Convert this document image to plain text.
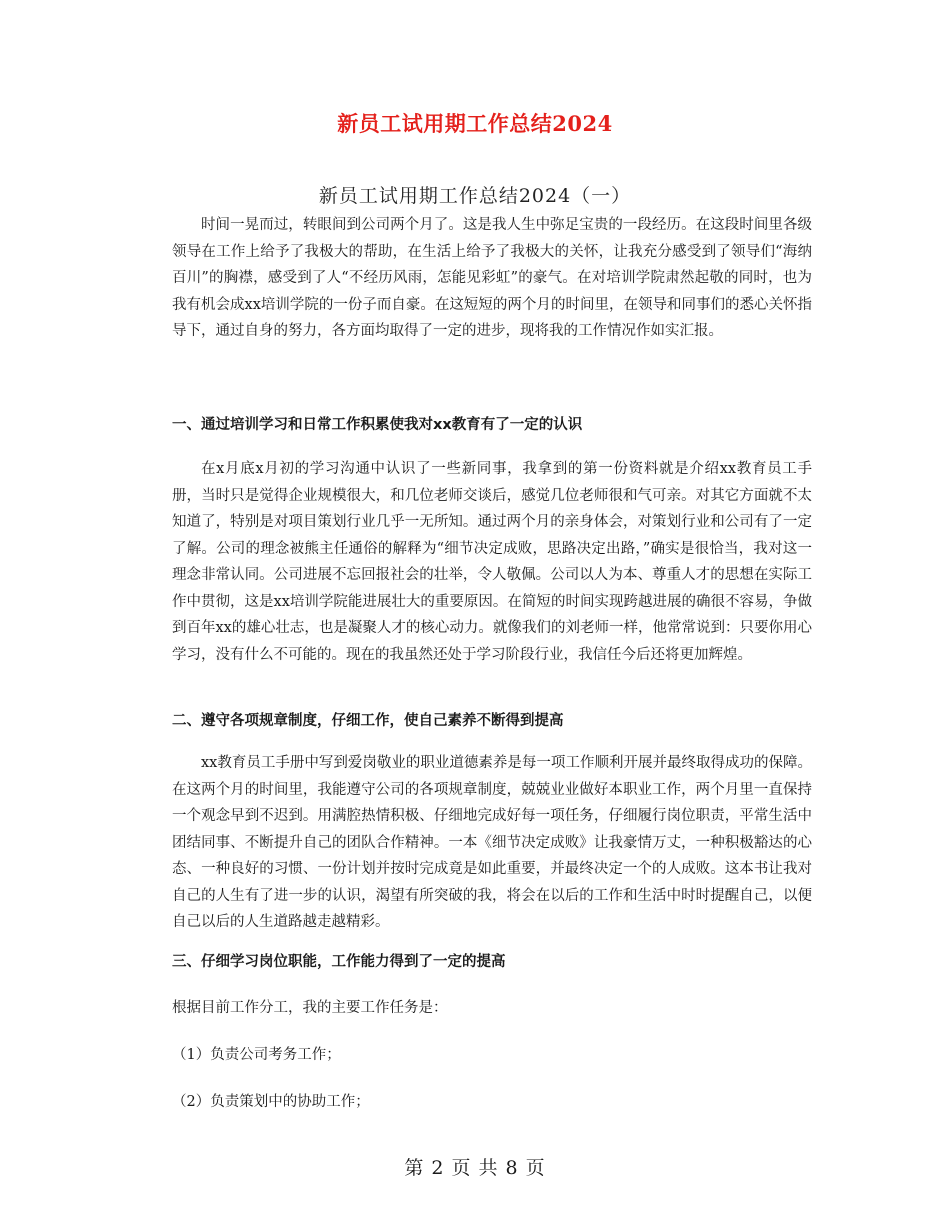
新员工试用期工作总结2024
新员工试用期工作总结2024（一）
时间一晃而过，转眼间到公司两个月了。这是我人生中弥足宝贵的一段经历。在这段时间里各级领导在工作上给予了我极大的帮助，在生活上给予了我极大的关怀，让我充分感受到了领导们“海纳百川”的胸襟，感受到了人“不经历风雨，怎能见彩虹”的豪气。在对培训学院肃然起敬的同时，也为我有机会成xx培训学院的一份子而自豪。在这短短的两个月的时间里，在领导和同事们的悉心关怀指导下，通过自身的努力，各方面均取得了一定的进步，现将我的工作情况作如实汇报。
一、通过培训学习和日常工作积累使我对xx教育有了一定的认识
在x月底x月初的学习沟通中认识了一些新同事，我拿到的第一份资料就是介绍xx教育员工手册，当时只是觉得企业规模很大，和几位老师交谈后，感觉几位老师很和气可亲。对其它方面就不太知道了，特别是对项目策划行业几乎一无所知。通过两个月的亲身体会，对策划行业和公司有了一定了解。公司的理念被熊主任通俗的解释为“细节决定成败，思路决定出路，”确实是很恰当，我对这一理念非常认同。公司进展不忘回报社会的壮举，令人敬佩。公司以人为本、尊重人才的思想在实际工作中贯彻，这是xx培训学院能进展壮大的重要原因。在简短的时间实现跨越进展的确很不容易，争做到百年xx的雄心壮志，也是凝聚人才的核心动力。就像我们的刘老师一样，他常常说到：只要你用心学习，没有什么不可能的。现在的我虽然还处于学习阶段行业，我信任今后还将更加辉煌。
二、遵守各项规章制度，仔细工作，使自己素养不断得到提高
xx教育员工手册中写到爱岗敬业的职业道德素养是每一项工作顺利开展并最终取得成功的保障。在这两个月的时间里，我能遵守公司的各项规章制度，兢兢业业做好本职业工作，两个月里一直保持一个观念早到不迟到。用满腔热情积极、仔细地完成好每一项任务，仔细履行岗位职责，平常生活中团结同事、不断提升自己的团队合作精神。一本《细节决定成败》让我豪情万丈，一种积极豁达的心态、一种良好的习惯、一份计划并按时完成竟是如此重要，并最终决定一个的人成败。这本书让我对自己的人生有了进一步的认识，渴望有所突破的我，将会在以后的工作和生活中时时提醒自己，以便自己以后的人生道路越走越精彩。
三、仔细学习岗位职能，工作能力得到了一定的提高
根据目前工作分工，我的主要工作任务是：
（1）负责公司考务工作；
（2）负责策划中的协助工作；
第 2 页 共 8 页
